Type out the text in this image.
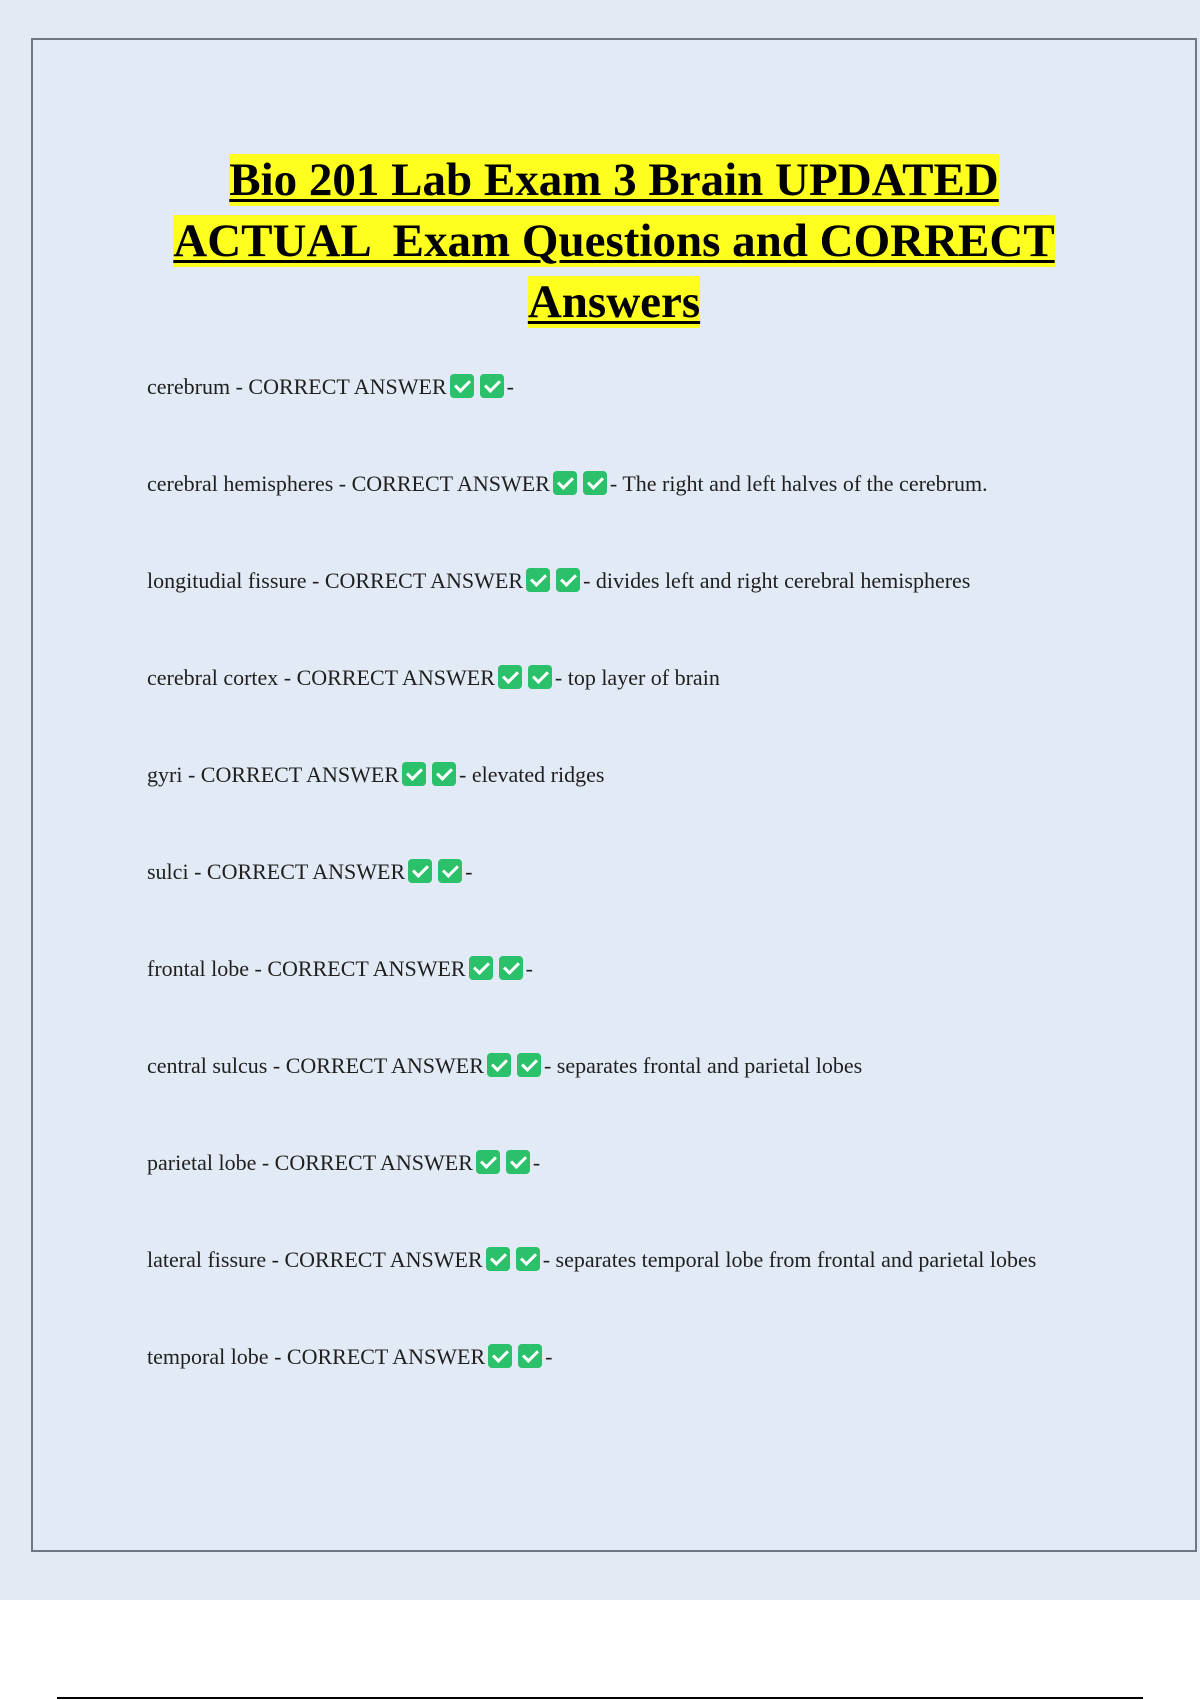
Bio 201 Lab Exam 3 Brain UPDATED
ACTUAL  Exam Questions and CORRECT
Answers
cerebrum - CORRECT ANSWER	-
cerebral hemispheres - CORRECT ANSWER	- The right and left halves of the cerebrum.
longitudial fissure - CORRECT ANSWER	- divides left and right cerebral hemispheres
cerebral cortex - CORRECT ANSWER	- top layer of brain
gyri - CORRECT ANSWER	- elevated ridges
sulci - CORRECT ANSWER	-
frontal lobe - CORRECT ANSWER	-
central sulcus - CORRECT ANSWER	- separates frontal and parietal lobes
parietal lobe - CORRECT ANSWER	-
lateral fissure - CORRECT ANSWER	- separates temporal lobe from frontal and parietal lobes
temporal lobe - CORRECT ANSWER	-
